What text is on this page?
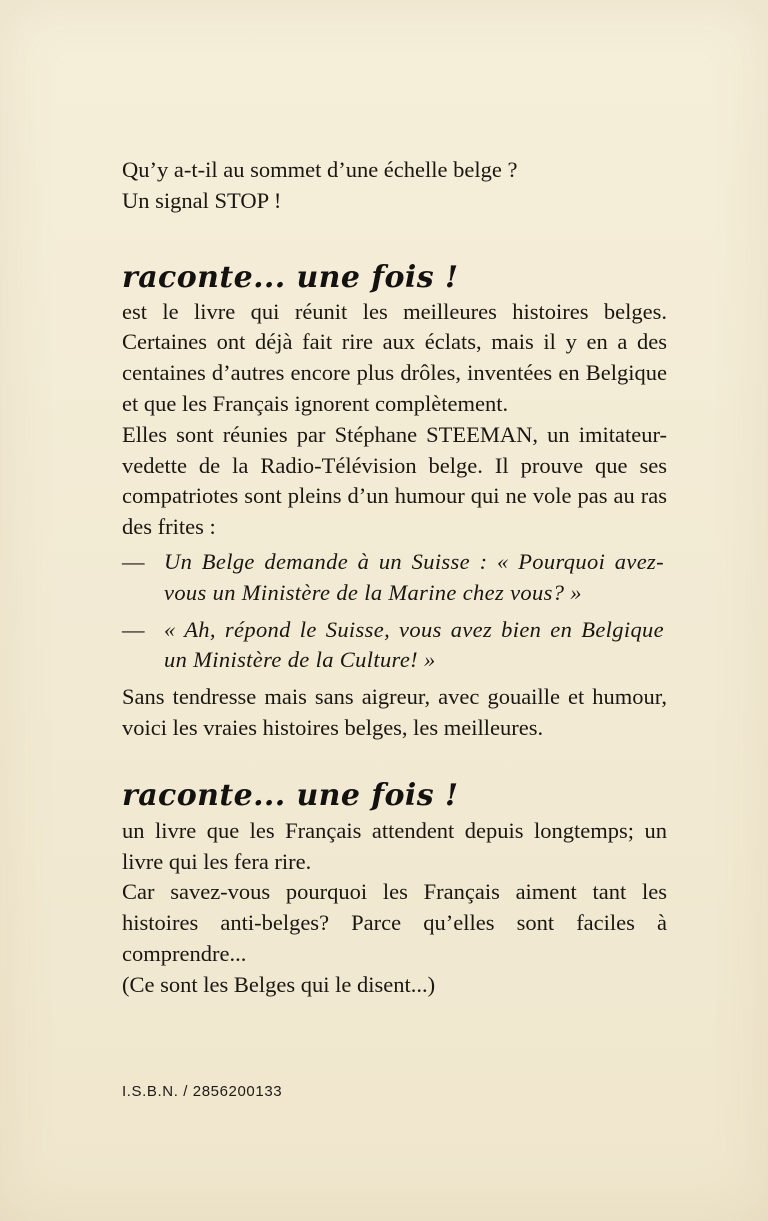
Qu’y a-t-il au sommet d’une échelle belge ?

Un signal STOP !

raconte... une fois !

est le livre qui réunit les meilleures histoires belges. Certaines ont déjà fait rire aux éclats, mais il y en a des centaines d’autres encore plus drôles, inventées en Belgique et que les Français ignorent complètement.

Elles sont réunies par Stéphane STEEMAN, un imitateur-vedette de la Radio-Télévision belge. Il prouve que ses compatriotes sont pleins d’un humour qui ne vole pas au ras des frites :

— Un Belge demande à un Suisse : « Pourquoi avez-vous un Ministère de la Marine chez vous? »
— « Ah, répond le Suisse, vous avez bien en Belgique un Ministère de la Culture! »

Sans tendresse mais sans aigreur, avec gouaille et humour, voici les vraies histoires belges, les meilleures.

raconte... une fois !

un livre que les Français attendent depuis longtemps; un livre qui les fera rire.

Car savez-vous pourquoi les Français aiment tant les histoires anti-belges? Parce qu’elles sont faciles à comprendre...

(Ce sont les Belges qui le disent...)

I.S.B.N. / 2856200133
